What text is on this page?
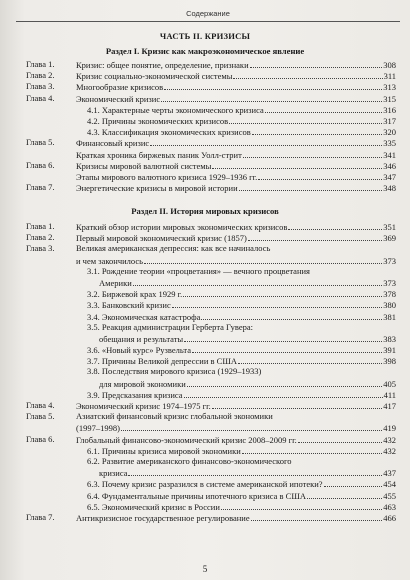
Содержание
ЧАСТЬ II. КРИЗИСЫ
Раздел I. Кризис как макроэкономическое явление
Глава 1.	Кризис: общее понятие, определение, признаки	308
Глава 2.	Кризис социально-экономической системы	311
Глава 3.	Многообразие кризисов	313
Глава 4.	Экономический кризис	315
4.1. Характерные черты экономического кризиса	316
4.2. Причины экономических кризисов	317
4.3. Классификация экономических кризисов	320
Глава 5.	Финансовый кризис	335
Краткая хроника биржевых паник Уолл-стрит	341
Глава 6.	Кризисы мировой валютной системы	346
Этапы мирового валютного кризиса 1929–1936 гг.	347
Глава 7.	Энергетические кризисы в мировой истории	348
Раздел II. История мировых кризисов
Глава 1.	Краткий обзор истории мировых экономических кризисов	351
Глава 2.	Первый мировой экономический кризис (1857)	369
Глава 3.	Великая американская депрессия: как все начиналось
и чем закончилось	373
3.1. Рождение теории «процветания» — вечного процветания
Америки	373
3.2. Биржевой крах 1929 г.	378
3.3. Банковский кризис	380
3.4. Экономическая катастрофа	381
3.5. Реакция администрации Герберта Гувера:
обещания и результаты	383
3.6. «Новый курс» Рузвельта	391
3.7. Причины Великой депрессии в США	398
3.8. Последствия мирового кризиса (1929–1933)
для мировой экономики	405
3.9. Предсказания кризиса	411
Глава 4.	Экономический кризис 1974–1975 гг.	417
Глава 5.	Азиатский финансовый кризис глобальной экономики
(1997–1998)	419
Глава 6.	Глобальный финансово-экономический кризис 2008–2009 гг.	432
6.1. Причины кризиса мировой экономики	432
6.2. Развитие американского финансово-экономического
кризиса	437
6.3. Почему кризис разразился в системе американской ипотеки?	454
6.4. Фундаментальные причины ипотечного кризиса в США	455
6.5. Экономический кризис в России	463
Глава 7.	Антикризисное государственное регулирование	466
5
